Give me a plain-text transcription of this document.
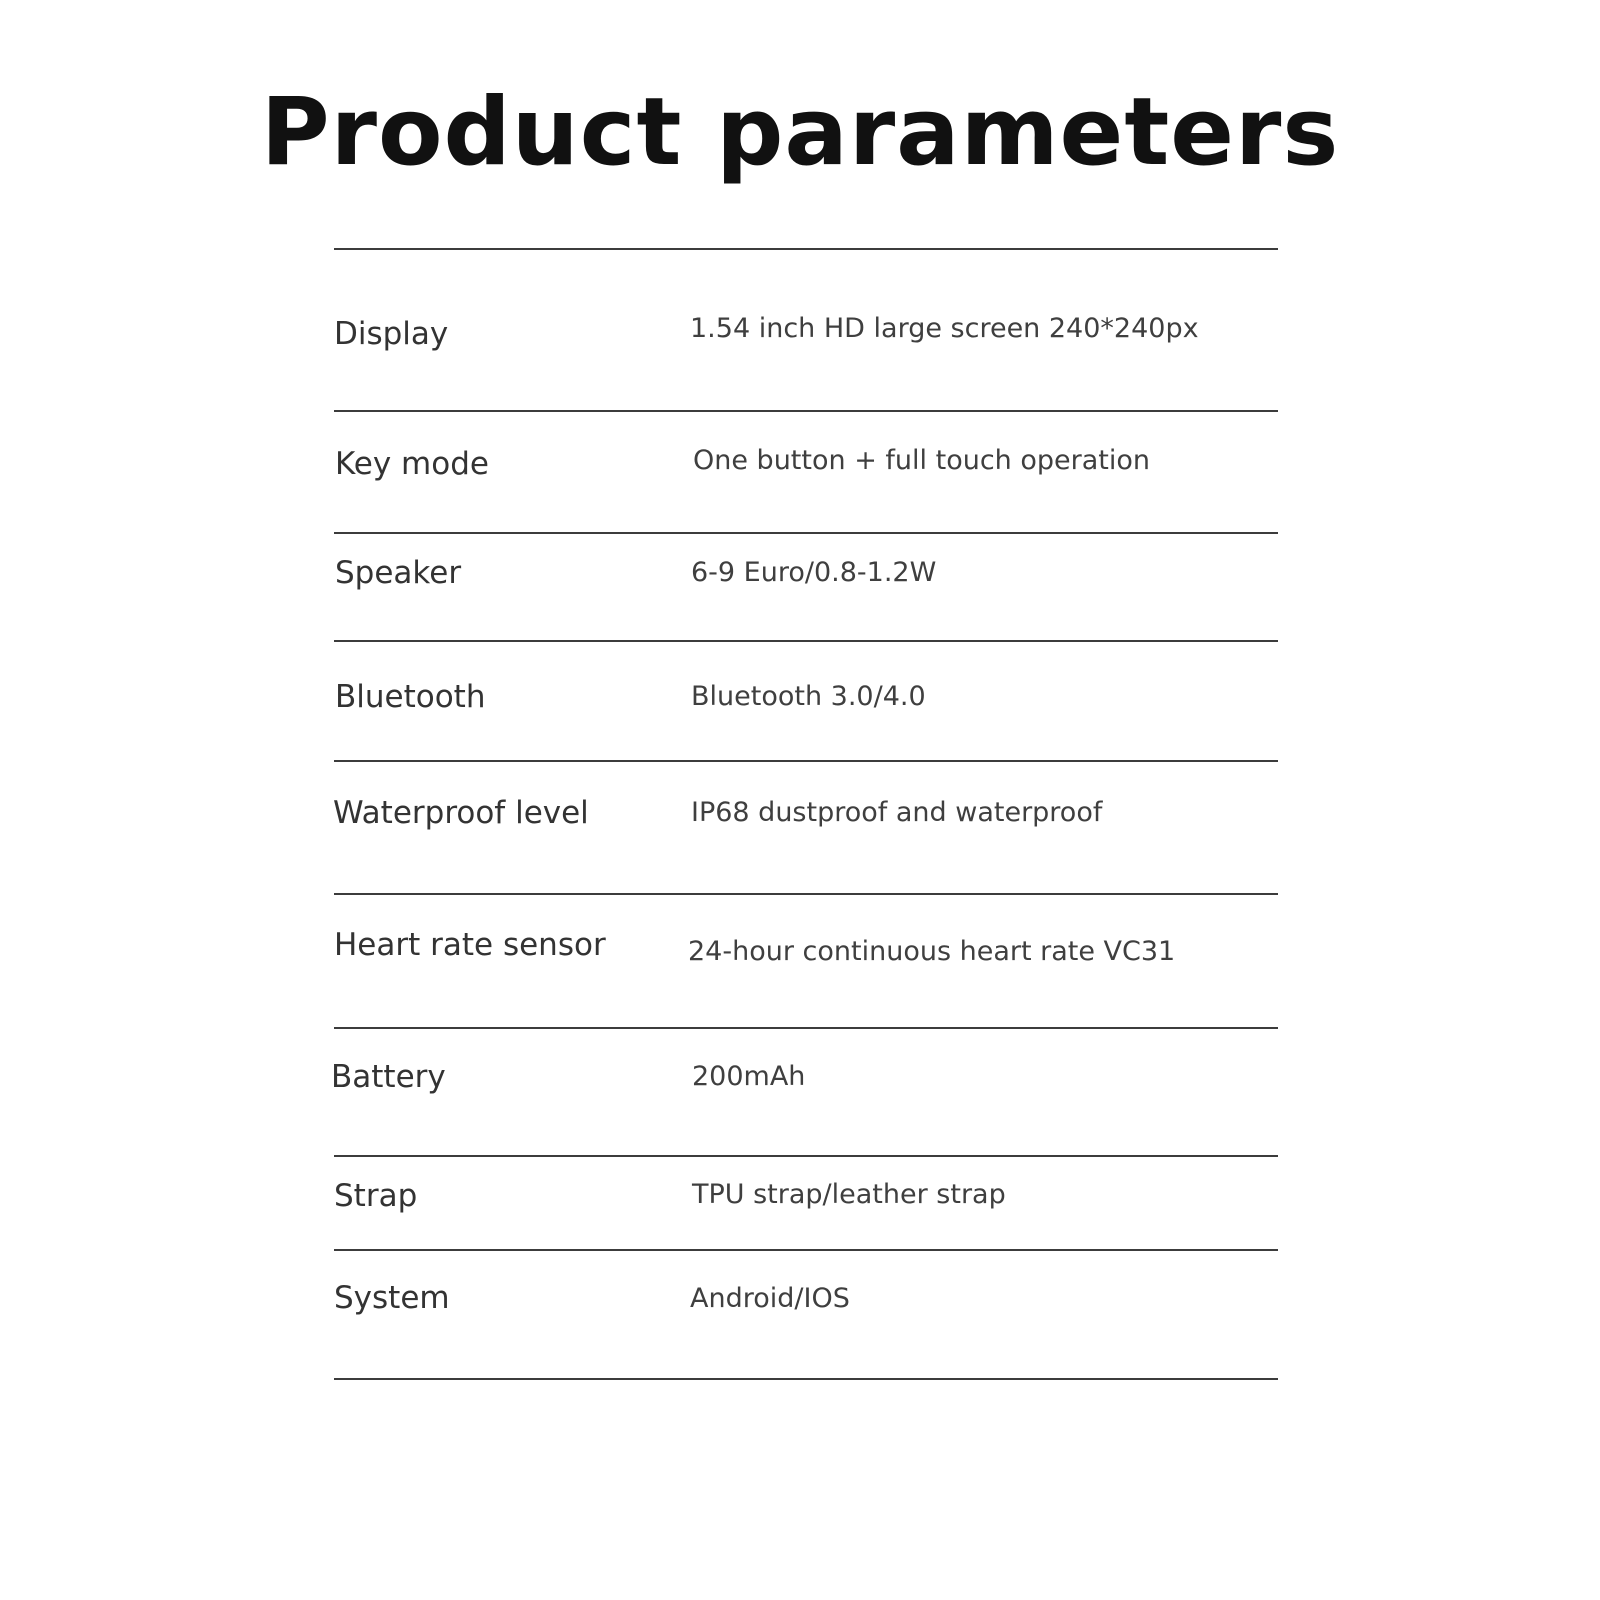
Product parameters
Display	1.54 inch HD large screen 240*240px
Key mode	One button + full touch operation
Speaker	6-9 Euro/0.8-1.2W
Bluetooth	Bluetooth 3.0/4.0
Waterproof level	IP68 dustproof and waterproof
Heart rate sensor	24-hour continuous heart rate VC31
Battery	200mAh
Strap	TPU strap/leather strap
System	Android/IOS
